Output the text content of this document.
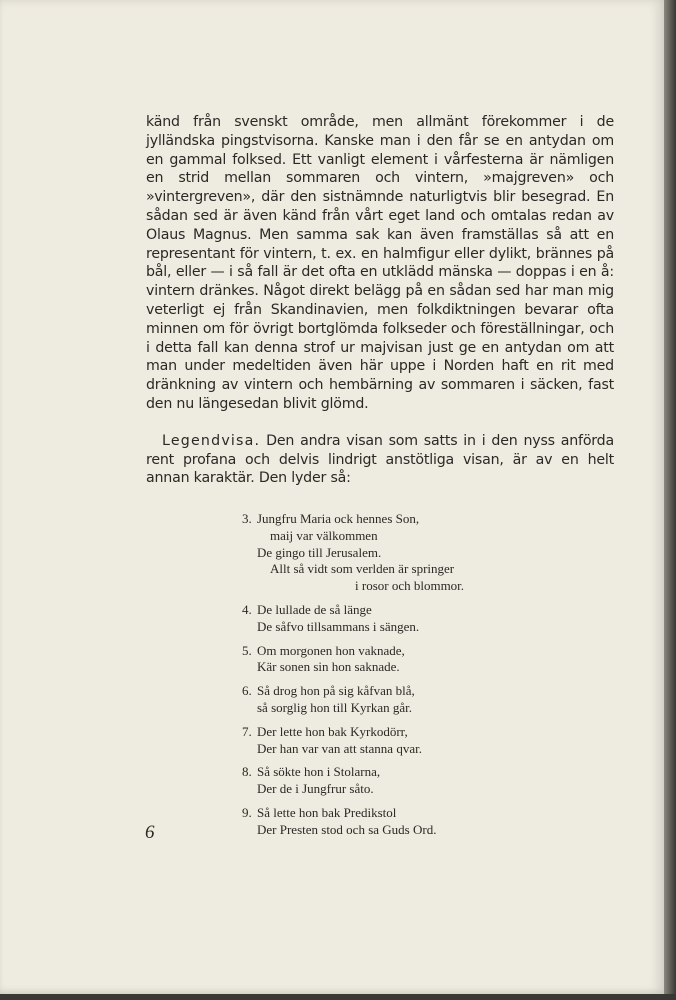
känd från svenskt område, men allmänt förekommer i de jylländska pingstvisorna. Kanske man i den får se en antydan om en gammal folksed. Ett vanligt element i vårfesterna är nämligen en strid mellan sommaren och vintern, »majgreven» och »vintergreven», där den sistnämnde naturligtvis blir besegrad. En sådan sed är även känd från vårt eget land och omtalas redan av Olaus Magnus. Men samma sak kan även framställas så att en representant för vintern, t. ex. en halmfigur eller dylikt, brännes på bål, eller — i så fall är det ofta en utklädd mänska — doppas i en å: vintern dränkes. Något direkt belägg på en sådan sed har man mig veterligt ej från Skandinavien, men folkdiktningen bevarar ofta minnen om för övrigt bortglömda folkseder och föreställningar, och i detta fall kan denna strof ur majvisan just ge en antydan om att man under medeltiden även här uppe i Norden haft en rit med dränkning av vintern och hembärning av sommaren i säcken, fast den nu längesedan blivit glömd.

Legendvisa. Den andra visan som satts in i den nyss anförda rent profana och delvis lindrigt anstötliga visan, är av en helt annan karaktär. Den lyder så:

3. Jungfru Maria ock hennes Son,
maij var välkommen
De gingo till Jerusalem.
Allt så vidt som verlden är springer
i rosor och blommor.
4. De lullade de så länge
De såfvo tillsammans i sängen.
5. Om morgonen hon vaknade,
Kär sonen sin hon saknade.
6. Så drog hon på sig kåfvan blå,
så sorglig hon till Kyrkan går.
7. Der lette hon bak Kyrkodörr,
Der han var van att stanna qvar.
8. Så sökte hon i Stolarna,
Der de i Jungfrur såto.
9. Så lette hon bak Predikstol
Der Presten stod och sa Guds Ord.
6
